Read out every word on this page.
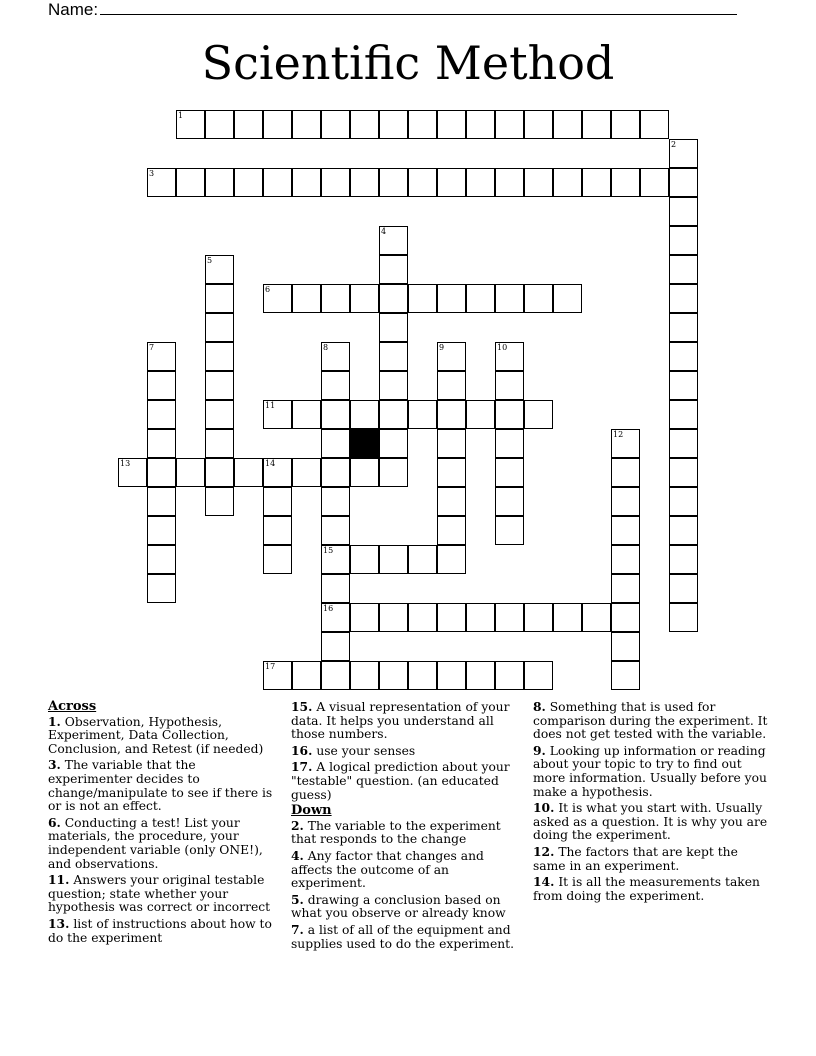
Name:
Scientific Method
1
2
3
4
5
6
7	8	9	10
11
12
13	14
15
16
17
Across
1. Observation, Hypothesis, Experiment, Data Collection, Conclusion, and Retest (if needed)
3. The variable that the experimenter decides to change/manipulate to see if there is or is not an effect.
6. Conducting a test! List your materials, the procedure, your independent variable (only ONE!), and observations.
11. Answers your original testable question; state whether your hypothesis was correct or incorrect
13. list of instructions about how to do the experiment
15. A visual representation of your data. It helps you understand all those numbers.
16. use your senses
17. A logical prediction about your "testable" question. (an educated guess)
Down
2. The variable to the experiment that responds to the change
4. Any factor that changes and affects the outcome of an experiment.
5. drawing a conclusion based on what you observe or already know
7. a list of all of the equipment and supplies used to do the experiment.
8. Something that is used for comparison during the experiment. It does not get tested with the variable.
9. Looking up information or reading about your topic to try to find out more information. Usually before you make a hypothesis.
10. It is what you start with. Usually asked as a question. It is why you are doing the experiment.
12. The factors that are kept the same in an experiment.
14. It is all the measurements taken from doing the experiment.
